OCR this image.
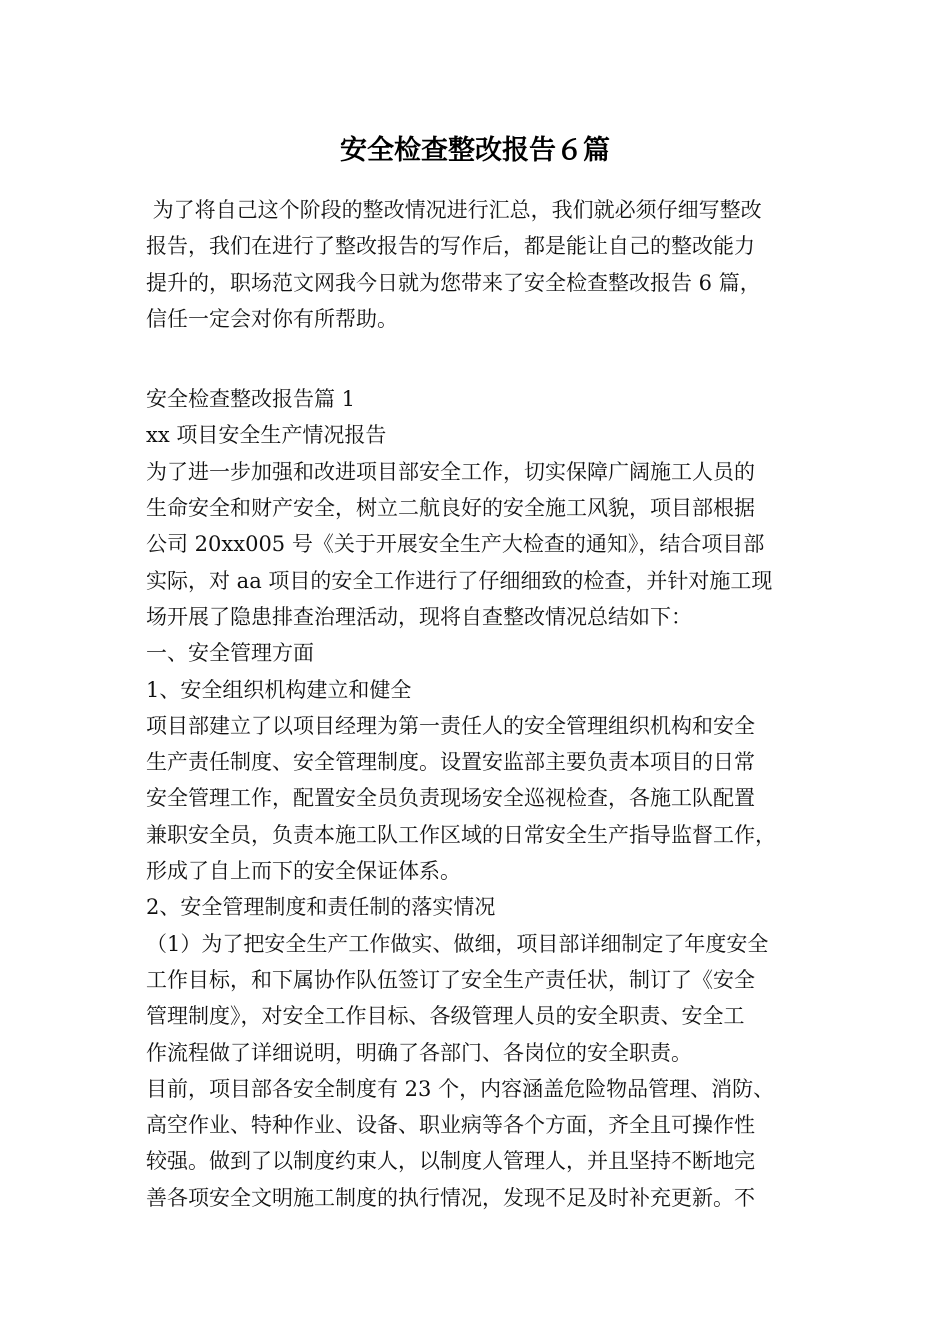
安全检查整改报告６篇
为了将自己这个阶段的整改情况进行汇总，我们就必须仔细写整改
报告，我们在进行了整改报告的写作后，都是能让自己的整改能力
提升的，职场范文网我今日就为您带来了安全检查整改报告 6 篇，
信任一定会对你有所帮助。
安全检查整改报告篇 1
xx 项目安全生产情况报告
为了进一步加强和改进项目部安全工作，切实保障广阔施工人员的
生命安全和财产安全，树立二航良好的安全施工风貌，项目部根据
公司 20xx005 号《关于开展安全生产大检查的通知》，结合项目部
实际，对 aa 项目的安全工作进行了仔细细致的检查，并针对施工现
场开展了隐患排查治理活动，现将自查整改情况总结如下：
一、安全管理方面
1、安全组织机构建立和健全
项目部建立了以项目经理为第一责任人的安全管理组织机构和安全
生产责任制度、安全管理制度。设置安监部主要负责本项目的日常
安全管理工作，配置安全员负责现场安全巡视检查，各施工队配置
兼职安全员，负责本施工队工作区域的日常安全生产指导监督工作，
形成了自上而下的安全保证体系。
2、安全管理制度和责任制的落实情况
（1）为了把安全生产工作做实、做细，项目部详细制定了年度安全
工作目标，和下属协作队伍签订了安全生产责任状，制订了《安全
管理制度》，对安全工作目标、各级管理人员的安全职责、安全工
作流程做了详细说明，明确了各部门、各岗位的安全职责。
目前，项目部各安全制度有 23 个，内容涵盖危险物品管理、消防、
高空作业、特种作业、设备、职业病等各个方面，齐全且可操作性
较强。做到了以制度约束人，以制度人管理人，并且坚持不断地完
善各项安全文明施工制度的执行情况，发现不足及时补充更新。不
